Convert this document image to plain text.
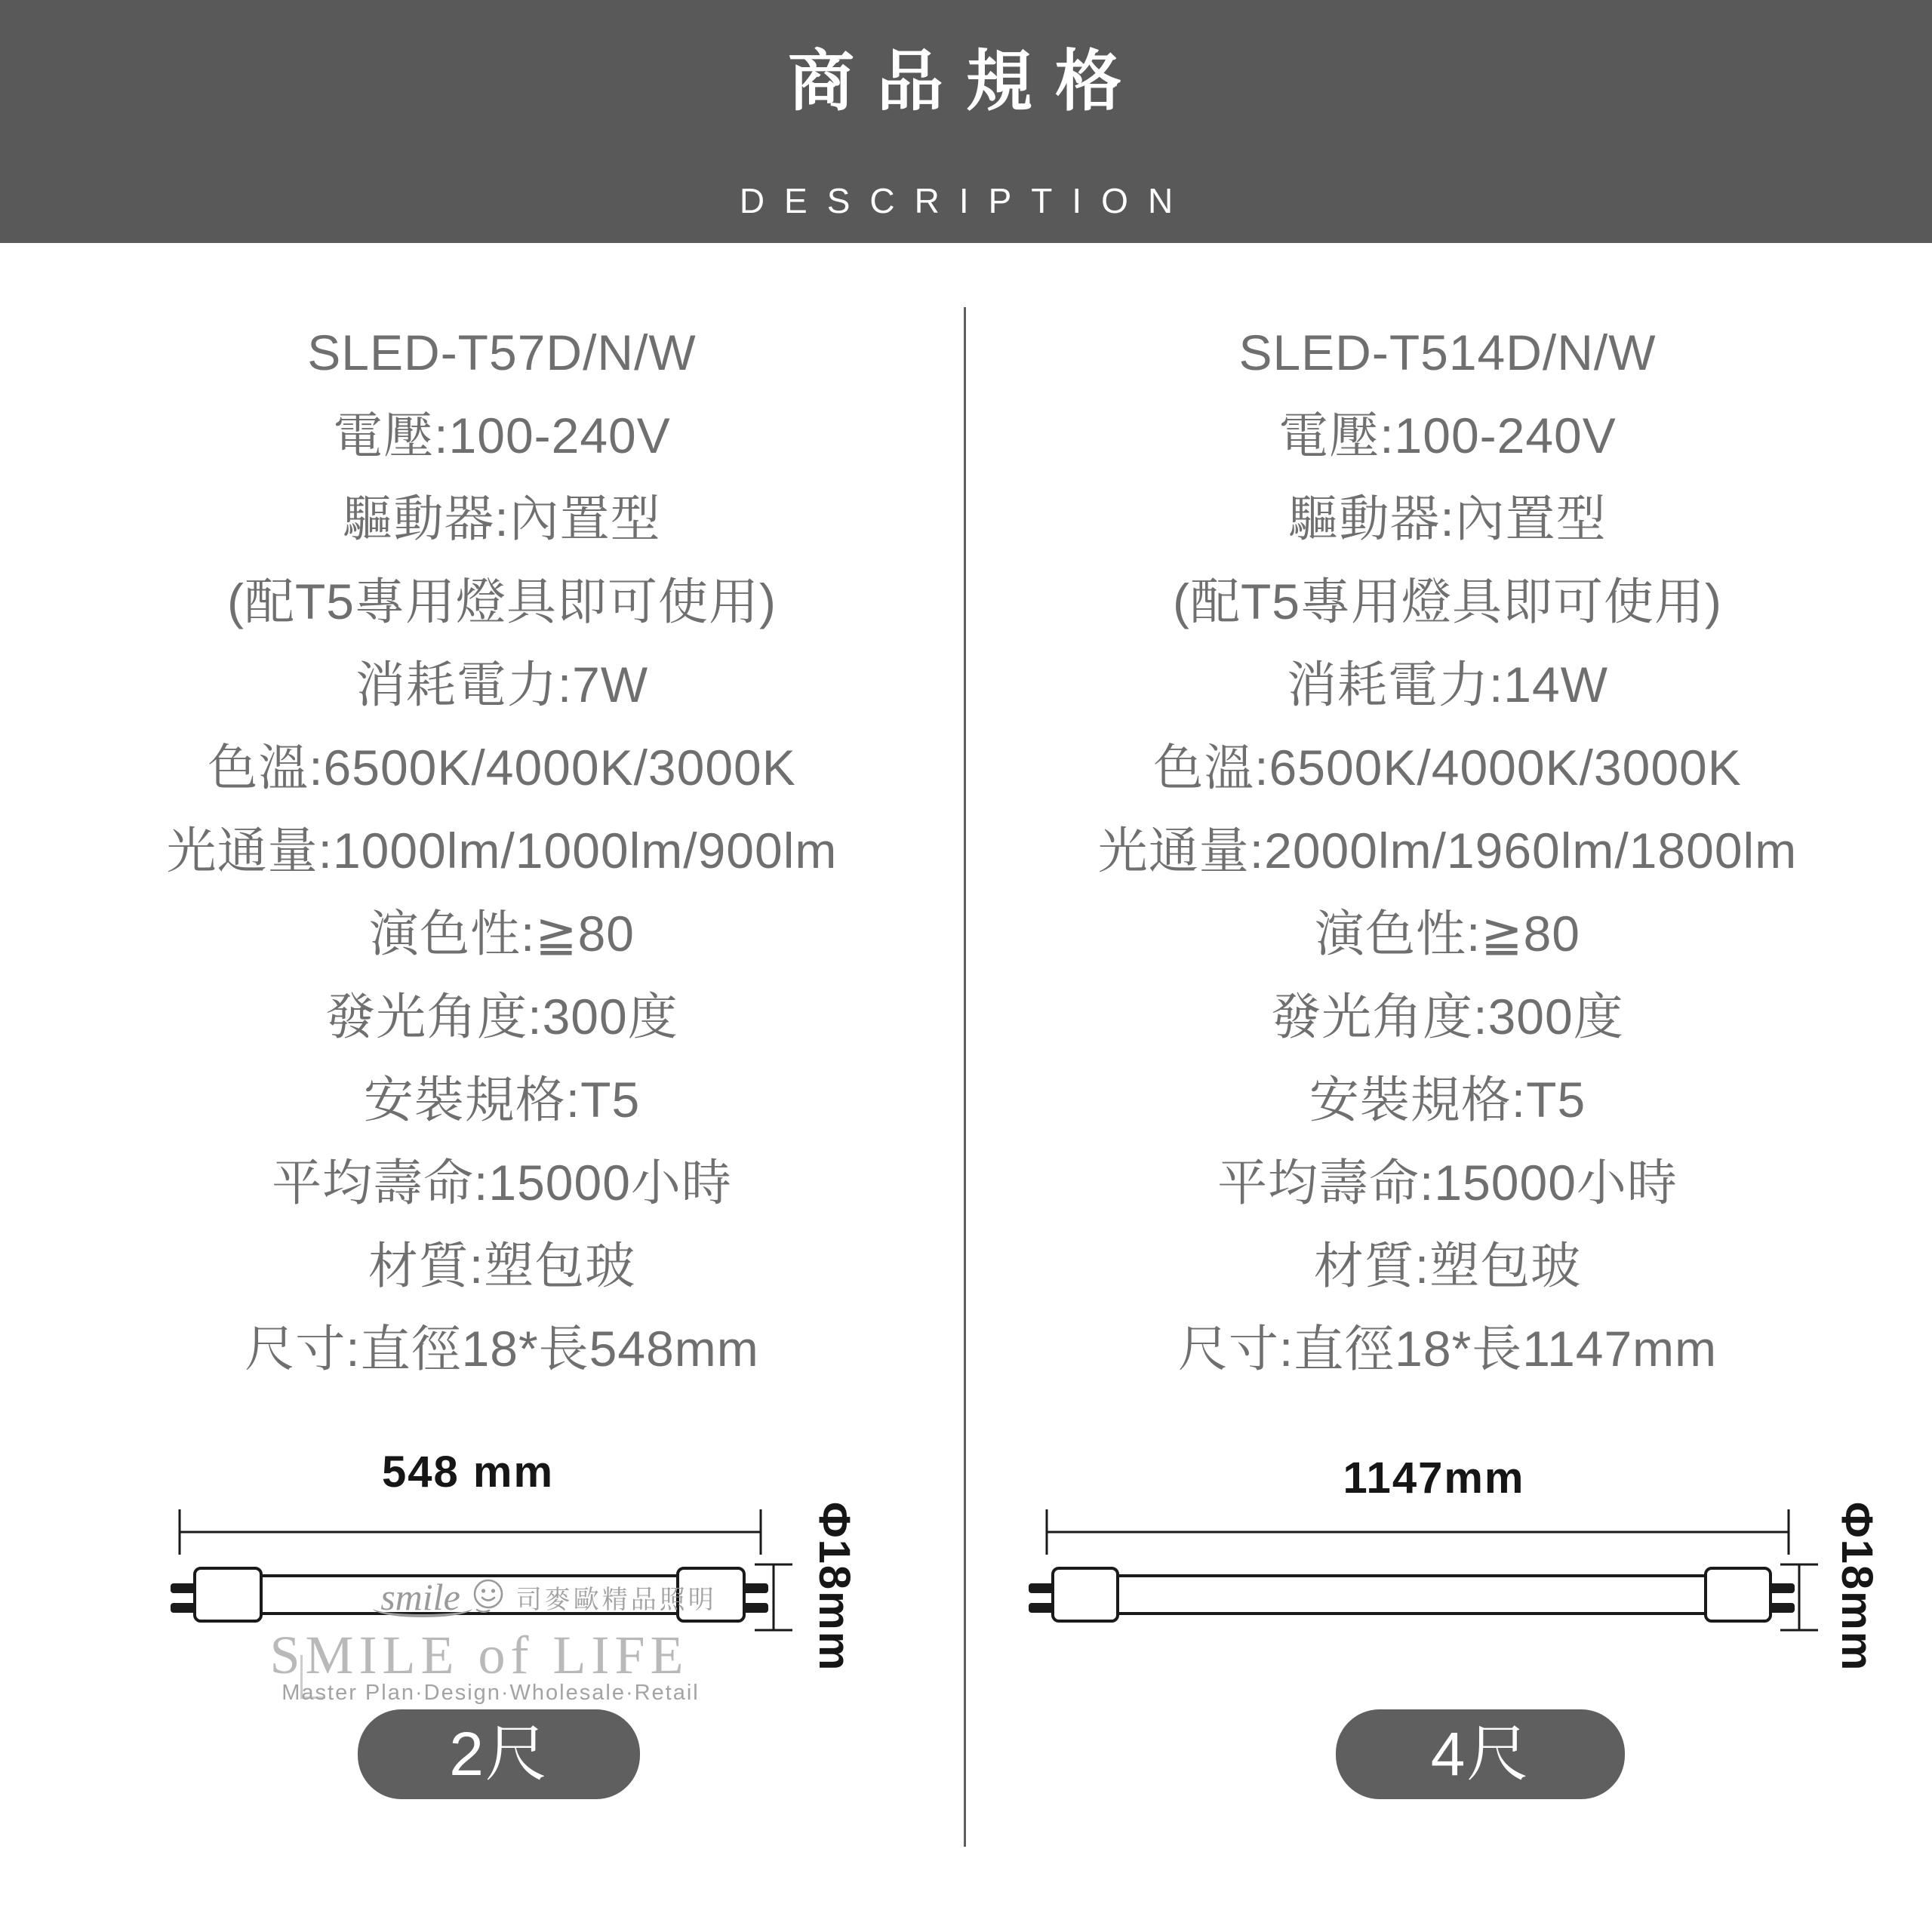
商品規格
DESCRIPTION
SLED-T57D/N/W
電壓:100-240V
驅動器:內置型
(配T5專用燈具即可使用)
消耗電力:7W
色溫:6500K/4000K/3000K
光通量:1000lm/1000lm/900lm
演色性:≧80
發光角度:300度
安裝規格:T5
平均壽命:15000小時
材質:塑包玻
尺寸:直徑18*長548mm
SLED-T514D/N/W
電壓:100-240V
驅動器:內置型
(配T5專用燈具即可使用)
消耗電力:14W
色溫:6500K/4000K/3000K
光通量:2000lm/1960lm/1800lm
演色性:≧80
發光角度:300度
安裝規格:T5
平均壽命:15000小時
材質:塑包玻
尺寸:直徑18*長1147mm
548 mm
Φ18mm
smile 司麥歐精品照明
SMILE of LIFE
Master Plan·Design·Wholesale·Retail
2尺
1147mm
Φ18mm
4尺
